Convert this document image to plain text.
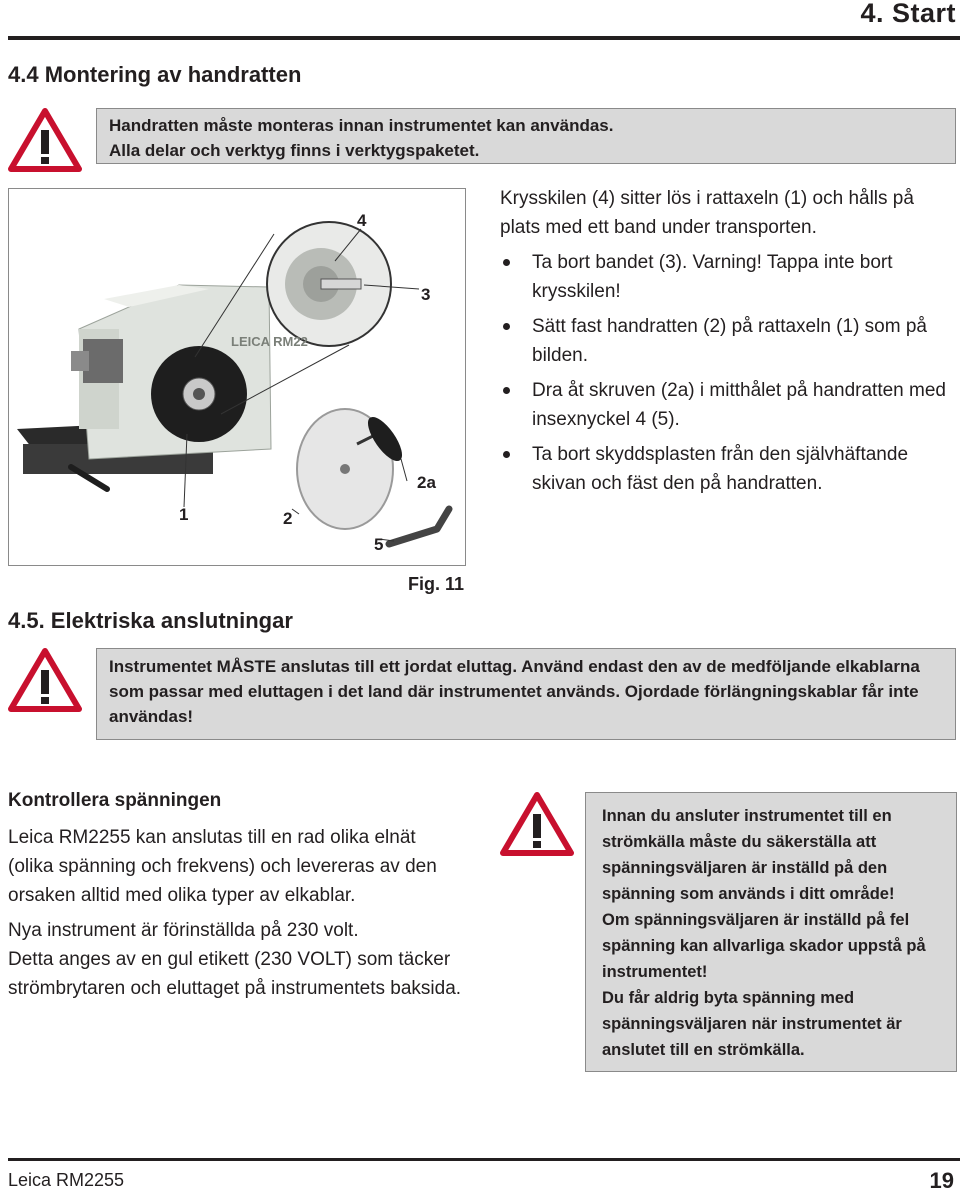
4. Start
4.4 Montering av handratten
Handratten måste monteras innan instrumentet kan användas.
Alla delar och verktyg finns i verktygspaketet.
LEICA RM22
4
3
2a
1	2
5
Fig. 11
Krysskilen (4) sitter lös i rattaxeln (1) och hålls på plats med ett band under transporten.
Ta bort bandet (3). Varning! Tappa inte bort krysskilen!
Sätt fast handratten (2) på rattaxeln (1) som på bilden.
Dra åt skruven (2a) i mitthålet på handratten med insexnyckel 4 (5).
Ta bort skyddsplasten från den självhäftande skivan och fäst den på handratten.
4.5. Elektriska anslutningar
Instrumentet MÅSTE anslutas till ett jordat eluttag. Använd endast den av de medföljande elkablarna som passar med eluttagen i det land där instrumentet används. Ojordade förlängningskablar får inte användas!
Kontrollera spänningen
Leica RM2255 kan anslutas till en rad olika elnät (olika spänning och frekvens) och levereras av den orsaken alltid med olika typer av elkablar.
Nya instrument är förinställda på 230 volt.
Detta anges av en gul etikett (230 VOLT) som täcker strömbrytaren och eluttaget på instrumentets baksida.
Innan du ansluter instrumentet till en strömkälla måste du säkerställa att spänningsväljaren är inställd på den spänning som används i ditt område!
Om spänningsväljaren är inställd på fel spänning kan allvarliga skador uppstå på instrumentet!
Du får aldrig byta spänning med spänningsväljaren när instrumentet är anslutet till en strömkälla.
Leica RM2255	19
